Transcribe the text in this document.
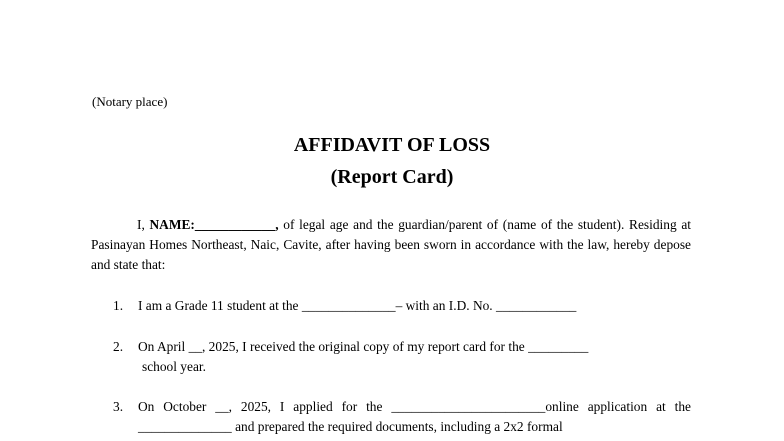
(Notary place)
AFFIDAVIT OF LOSS
(Report Card)

I, NAME:____________, of legal age and the guardian/parent of (name of the student). Residing at Pasinayan Homes Northeast, Naic, Cavite, after having been sworn in accordance with the law, hereby depose and state that:

1. I am a Grade 11 student at the ______________– with an I.D. No. ____________
2. On April __, 2025, I received the original copy of my report card for the _________
school year.
3. On October __, 2025, I applied for the _______________________online application at the ______________ and prepared the required documents, including a 2x2 formal
